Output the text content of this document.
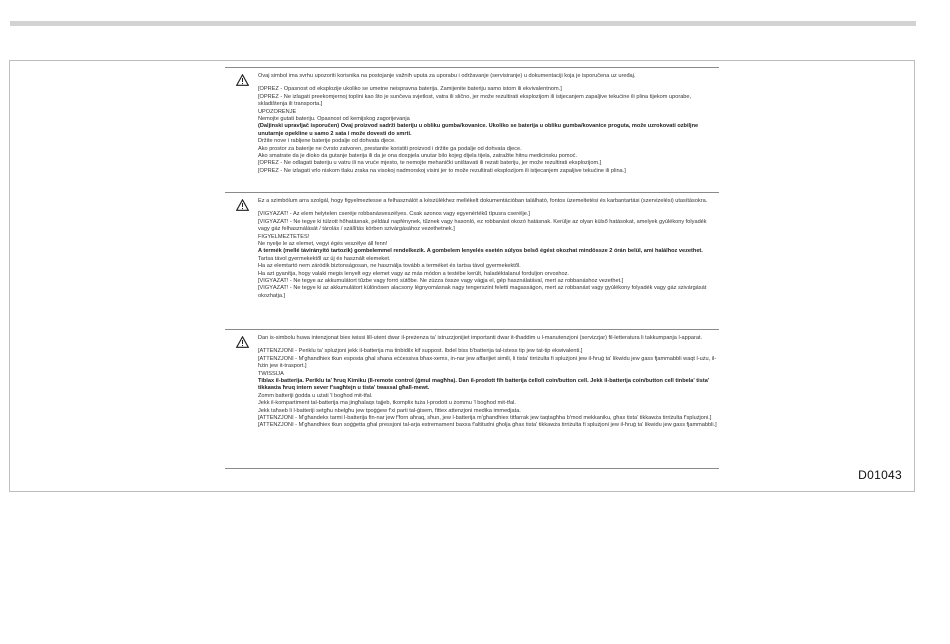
Ovaj simbol ima svrhu upozoriti korisnika na postojanje važnih uputa za uporabu i održavanje (servisiranje) u dokumentaciji koja je isporučena uz uređaj.
[OPREZ - Opasnost od eksplozije ukoliko se umetne neispravna baterija. Zamijenite bateriju samo istom ili ekvivalentnom.]
[OPREZ - Ne izlagati preekomjernoj toplini kao što je sunčeva svjetlost, vatra ili slično, jer može rezultirati eksplozijom ili istjecanjem zapaljive tekućine ili plina tijekom uporabe, skladištenja ili transporta.]
UPOZORENJE
Nemojte gutati bateriju. Opasnost od kemijskog zagorijevanja
(Daljinski upravljač isporučen) Ovaj proizvod sadrži bateriju u obliku gumba/kovanice. Ukoliko se baterija u obliku gumba/kovanice proguta, može uzrokovati ozbiljne unutarnje opekline u samo 2 sata i može dovesti do smrti.
Držite nove i rabljene baterije podalje od dohvata djece.
Ako prostor za baterije ne čvrsto zatvoren, prestanite koristiti proizvod i držite ga podalje od dohvata djece.
Ako smatrate da je dioko da gutanje baterija ili da je ona dospjela unutar bilo kojeg dijela tijela, zatražite hitnu medicinsku pomoć.
[OPREZ - Ne odlagati bateriju u vatru ili na vruće mjesto, te nemojte mehanički uništavati ili rezati bateriju, jer može rezultirati eksplozijom.]
[OPREZ - Ne izlagati vrlo niskom tlaku zraka na visokoj nadmorskoj visini jer to može rezultirati eksplozijom ili istjecanjem zapaljive tekućine ili plina.]
Ez a szimbólum arra szolgál, hogy figyelmeztesse a felhasználót a készülékhez mellékelt dokumentációban található, fontos üzemeltetési és karbantartási (szervizelési) utasításokra.
[VIGYÁZAT! - Az elem helytelen cseréje robbanásveszélyes. Csak azonos vagy egyenértékű típusra cserélje.]
[VIGYÁZAT! - Ne tegye ki túlzott hőhatásnak, például napfénynek, tűznek vagy hasonló, ez robbanást okozó hatásnak. Kerülje az olyan külső hatásokat, amelyek gyúlékony folyadék vagy gáz felhasználását / tárolás / szállítás körben szivárgásához vezethetnek.]
FIGYELMEZTETÉS!
Ne nyelje le az elemet, vegyi égés veszélye áll fenn!
A termék (mellé távirányító tartozik) gombelemmel rendelkezik. A gombelem lenyelés esetén súlyos belső égést okozhat mindössze 2 órán belül, ami halálhoz vezethet.
Tartsa távol gyermekektől az új és használt elemeket.
Ha az elemtartó nem záródik biztonságosan, ne használja tovább a terméket és tartsa távol gyermekektől.
Ha azt gyanítja, hogy valaki megis lenyelt egy elemet vagy az más módon a testébe került, haladéktalanul forduljon orvoshoz.
[VIGYÁZAT! - Ne tegye az akkumulátort tűzbe vagy forró sütőbe. Ne zúzza össze vagy vágja el, gép használatával, mert az robbanáshoz vezethet.]
[VIGYÁZAT! - Ne tegye ki az akkumulátort különösen alacsony légnyomásnak nagy tengerszint feletti magasságon, mert az robbanást vagy gyúlékony folyadék vagy gáz szivárgását okozhatja.]
Dan is-simbolu huwa intenzjonat biex iwissi lill-utent dwar il-preżenza ta' istruzzjonijiet importanti dwar it-tħaddim u l-manutenzjoni (servizzjar) fil-letteratura li takkumpanja l-apparat.
[ATTENZJONI - Periklu ta' splużjoni jekk il-batterija ma tinbidilx kif suppost. Ibdel biss b'batterija tal-istess tip jew tat-tip ekwivalenti.]
[ATTENZJONI - M'għandhiex tkun esposta għal sħana eċċessiva bħax-xemx, in-nar jew affarijiet simili, li tista' tirriżulta fi splużjoni jew il-ħruġ ta' likwidu jew gass fjammabbli waqt l-użu, il-ħżin jew it-trasport.]
TWISSIJA
Tiblax il-batterija. Periklu ta' ħruq Kimiku (Il-remote control (ġmul magħha). Dan il-prodott fih batterija ċelloli coin/button cell. Jekk il-batterija coin/button cell tinbela' tista' tikkawża ħruq intern sever f'sagħtejn u tista' twassal għall-mewt.
Żomm batteriji ġodda u użati 'l bogħod mit-tfal.
Jekk il-kompartiment tal-batterija ma jingħalaqx tajjeb, tkomplix tuża l-prodott u żommu 'l bogħod mit-tfal.
Jekk taħseb li l-batteriji setgħu nbelgħu jew tpoġġew f'xi parti tal-ġisem, fittex attenzjoni medika immedjata.
[ATTENZJONI - M'għandekx tarmi l-batterija fin-nar jew f'forn aħraq, sħun, jew l-batterija m'għandhiex titfarrak jew taqtagħha b'mod mekkaniku, għax tista' tikkawża tirriżulta f'splużjoni.]
[ATTENZJONI - M'għandhiex tkun soġġetta għal pressjoni tal-arja estremament baxxa f'altitudni għolja għax tista' tikkawża tirriżulta fi splużjoni jew il-ħruġ ta' likwidu jew gass fjammabbli.]
D01043
